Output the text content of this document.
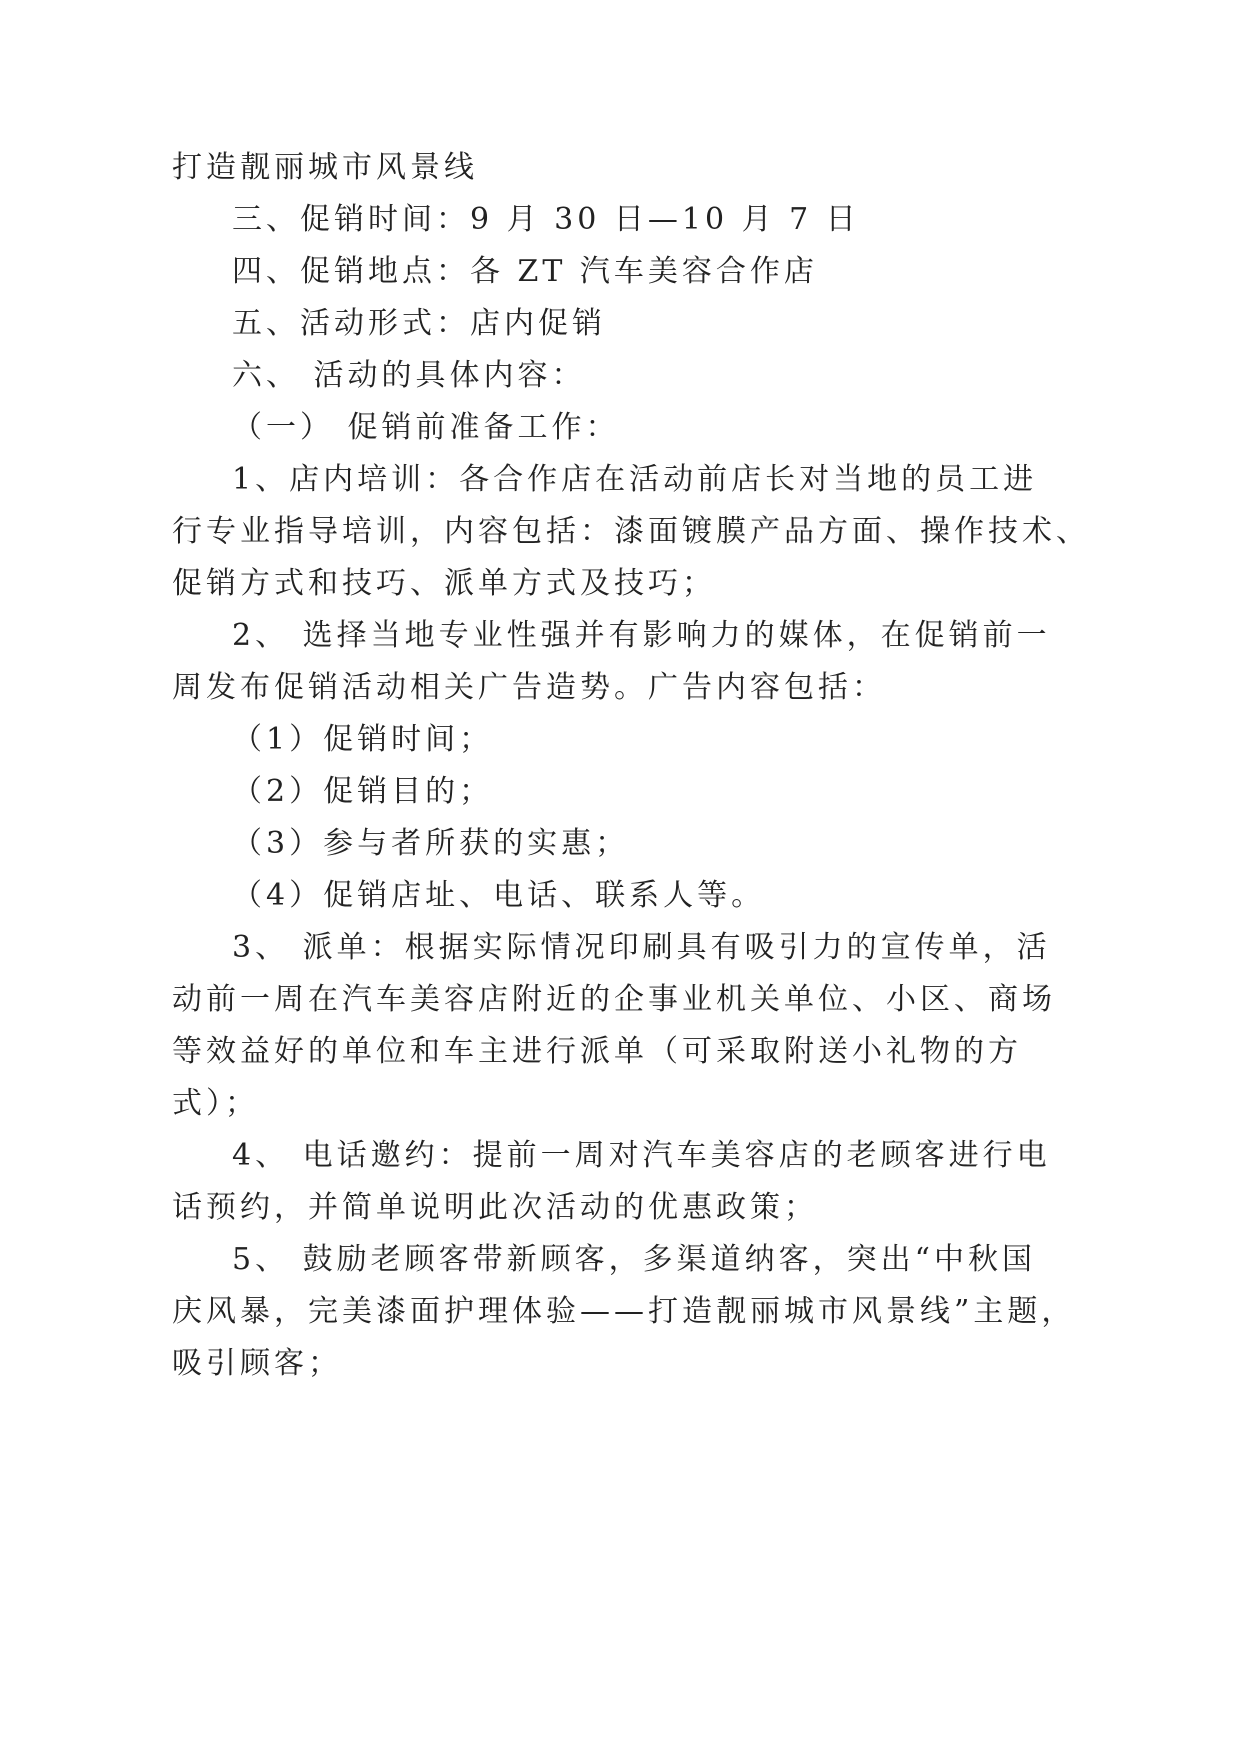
打造靓丽城市风景线
三、促销时间：9 月 30 日—10 月 7 日
四、促销地点：各 ZT 汽车美容合作店
五、活动形式：店内促销
六、 活动的具体内容：
（一） 促销前准备工作：
1、店内培训：各合作店在活动前店长对当地的员工进
行专业指导培训，内容包括：漆面镀膜产品方面、操作技术、
促销方式和技巧、派单方式及技巧；
2、 选择当地专业性强并有影响力的媒体，在促销前一
周发布促销活动相关广告造势。广告内容包括：
（1）促销时间；
（2）促销目的；
（3）参与者所获的实惠；
（4）促销店址、电话、联系人等。
3、 派单：根据实际情况印刷具有吸引力的宣传单，活
动前一周在汽车美容店附近的企事业机关单位、小区、商场
等效益好的单位和车主进行派单（可采取附送小礼物的方
式）；
4、 电话邀约：提前一周对汽车美容店的老顾客进行电
话预约，并简单说明此次活动的优惠政策；
5、 鼓励老顾客带新顾客，多渠道纳客，突出“中秋国
庆风暴，完美漆面护理体验——打造靓丽城市风景线”主题，
吸引顾客；
